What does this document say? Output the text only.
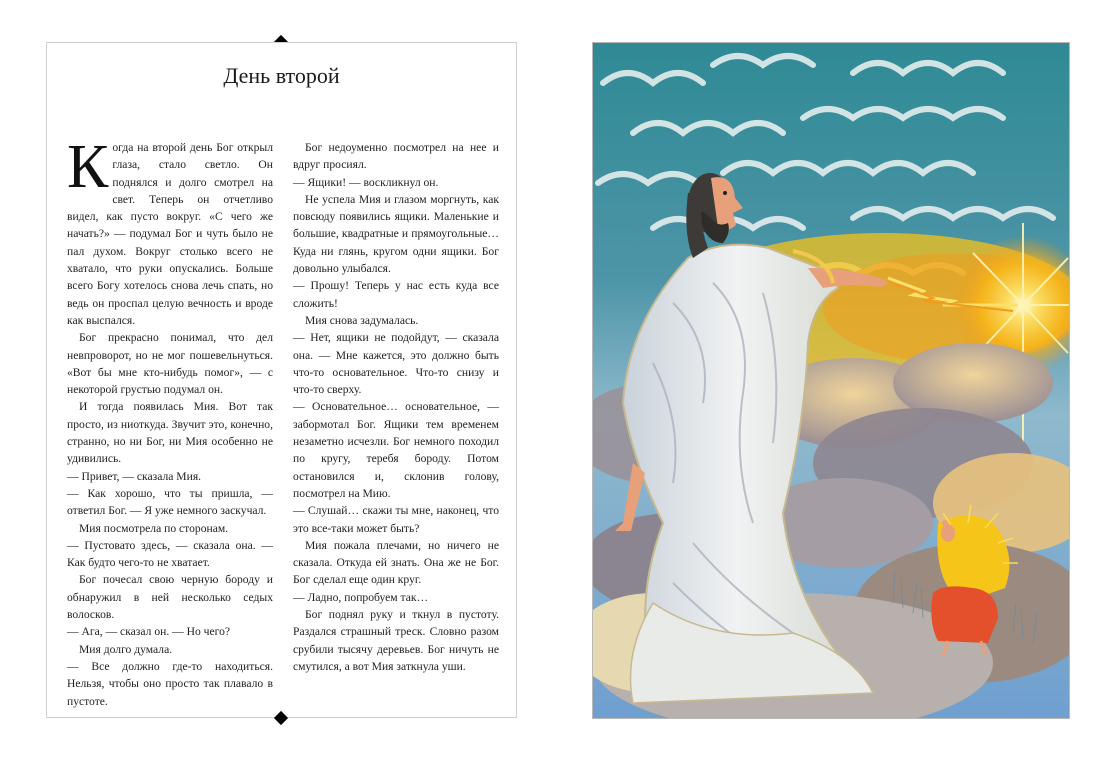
День второй

Когда на второй день Бог открыл глаза, стало светло. Он поднялся и долго смотрел на свет. Теперь он отчетливо видел, как пусто вокруг. «С чего же начать?» — подумал Бог и чуть было не пал духом. Вокруг столько всего не хватало, что руки опускались. Больше всего Богу хотелось снова лечь спать, но ведь он проспал целую вечность и вроде как выспался.

Бог прекрасно понимал, что дел невпроворот, но не мог пошевельнуться. «Вот бы мне кто-нибудь помог», — с некоторой грустью подумал он.

И тогда появилась Мия. Вот так просто, из ниоткуда. Звучит это, конечно, странно, но ни Бог, ни Мия особенно не удивились.

— Привет, — сказала Мия.

— Как хорошо, что ты пришла, — ответил Бог. — Я уже немного заскучал.

Мия посмотрела по сторонам.

— Пустовато здесь, — сказала она. — Как будто чего-то не хватает.

Бог почесал свою черную бороду и обнаружил в ней несколько седых волосков.

— Ага, — сказал он. — Но чего?

Мия долго думала.

— Все должно где-то находиться. Нельзя, чтобы оно просто так плавало в пустоте.

Бог недоуменно посмотрел на нее и вдруг просиял.

— Ящики! — воскликнул он.

Не успела Мия и глазом моргнуть, как повсюду появились ящики. Маленькие и большие, квадратные и прямоугольные… Куда ни глянь, кругом одни ящики. Бог довольно улыбался.

— Прошу! Теперь у нас есть куда все сложить!

Мия снова задумалась.

— Нет, ящики не подойдут, — сказала она. — Мне кажется, это должно быть что-то основательное. Что-то снизу и что-то сверху.

— Основательное… основательное, — забормотал Бог. Ящики тем временем незаметно исчезли. Бог немного походил по кругу, теребя бороду. Потом остановился и, склонив голову, посмотрел на Мию.

— Слушай… скажи ты мне, наконец, что это все-таки может быть?

Мия пожала плечами, но ничего не сказала. Откуда ей знать. Она же не Бог. Бог сделал еще один круг.

— Ладно, попробуем так…

Бог поднял руку и ткнул в пустоту. Раздался страшный треск. Словно разом срубили тысячу деревьев. Бог ничуть не смутился, а вот Мия заткнула уши.
